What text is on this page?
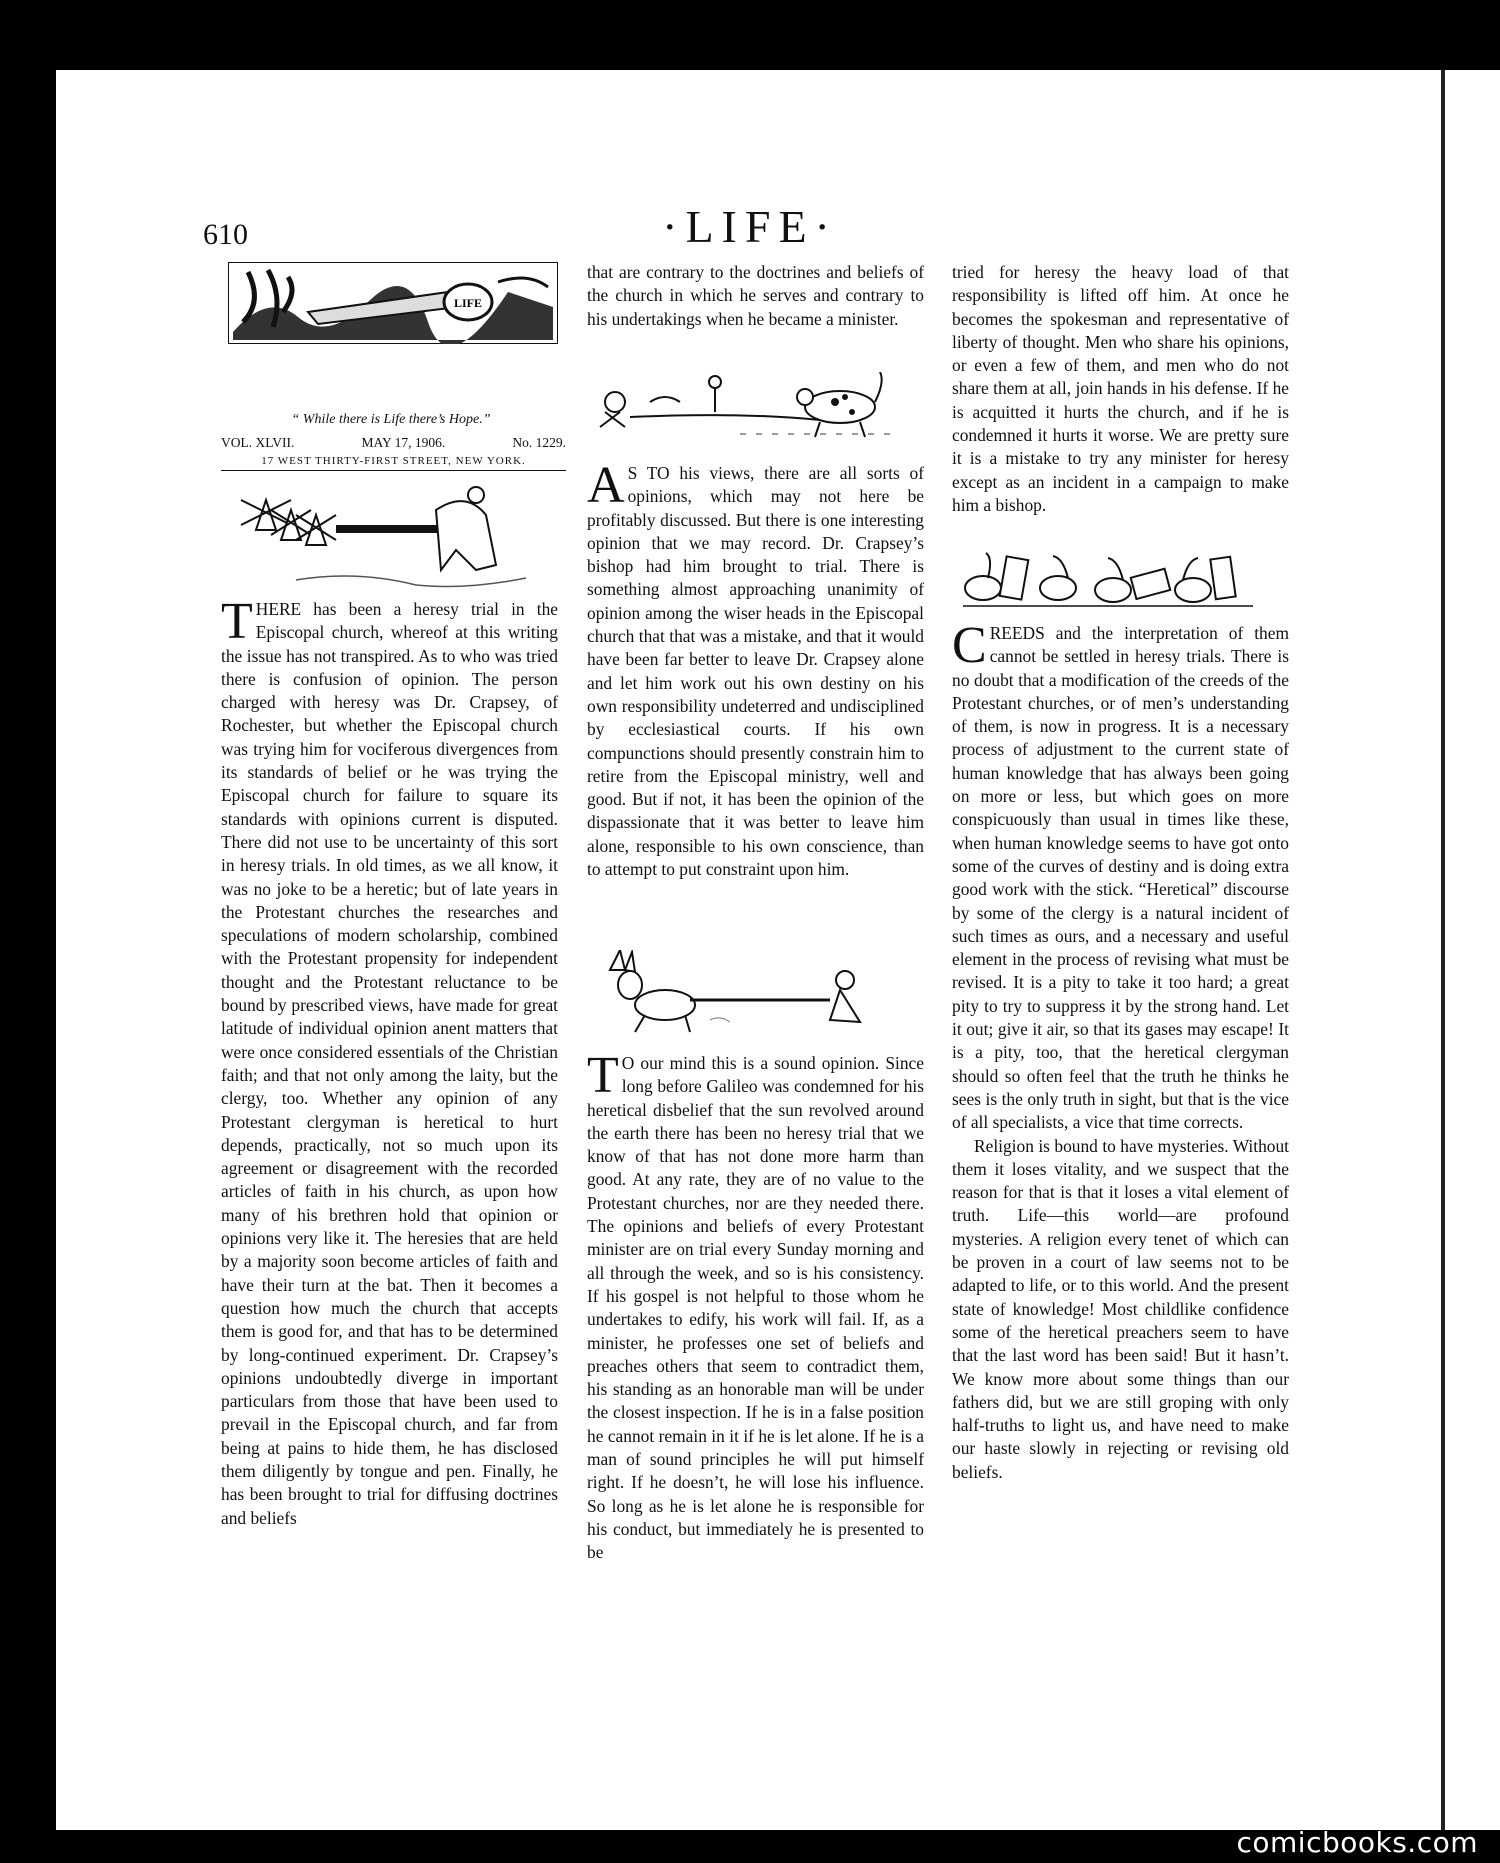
610	·LIFE·
LIFE
“ While there is Life there’s Hope.”
VOL. XLVII.	MAY 17, 1906.	No. 1229.
17 WEST THIRTY-FIRST STREET, NEW YORK.

THERE has been a heresy trial in the Episcopal church, whereof at this writing the issue has not transpired. As to who was tried there is confusion of opinion. The person charged with heresy was Dr. Crapsey, of Rochester, but whether the Episcopal church was trying him for vociferous divergences from its standards of belief or he was trying the Episcopal church for failure to square its standards with opinions current is disputed. There did not use to be uncertainty of this sort in heresy trials. In old times, as we all know, it was no joke to be a heretic; but of late years in the Protestant churches the researches and speculations of modern scholarship, combined with the Protestant propensity for independent thought and the Protestant reluctance to be bound by prescribed views, have made for great latitude of individual opinion anent matters that were once considered essentials of the Christian faith; and that not only among the laity, but the clergy, too. Whether any opinion of any Protestant clergyman is heretical to hurt depends, practically, not so much upon its agreement or disagreement with the recorded articles of faith in his church, as upon how many of his brethren hold that opinion or opinions very like it. The heresies that are held by a majority soon become articles of faith and have their turn at the bat. Then it becomes a question how much the church that accepts them is good for, and that has to be determined by long-continued experiment. Dr. Crapsey’s opinions undoubtedly diverge in important particulars from those that have been used to prevail in the Episcopal church, and far from being at pains to hide them, he has disclosed them diligently by tongue and pen. Finally, he has been brought to trial for diffusing doctrines and beliefs

that are contrary to the doctrines and beliefs of the church in which he serves and contrary to his undertakings when he became a minister.

A S TO his views, there are all sorts of opinions, which may not here be profitably discussed. But there is one interesting opinion that we may record. Dr. Crapsey’s bishop had him brought to trial. There is something almost approaching unanimity of opinion among the wiser heads in the Episcopal church that that was a mistake, and that it would have been far better to leave Dr. Crapsey alone and let him work out his own destiny on his own responsibility undeterred and undisciplined by ecclesiastical courts. If his own compunctions should presently constrain him to retire from the Episcopal ministry, well and good. But if not, it has been the opinion of the dispassionate that it was better to leave him alone, responsible to his own conscience, than to attempt to put constraint upon him.

T O our mind this is a sound opinion. Since long before Galileo was condemned for his heretical disbelief that the sun revolved around the earth there has been no heresy trial that we know of that has not done more harm than good. At any rate, they are of no value to the Protestant churches, nor are they needed there. The opinions and beliefs of every Protestant minister are on trial every Sunday morning and all through the week, and so is his consistency. If his gospel is not helpful to those whom he undertakes to edify, his work will fail. If, as a minister, he professes one set of beliefs and preaches others that seem to contradict them, his standing as an honorable man will be under the closest inspection. If he is in a false position he cannot remain in it if he is let alone. If he is a man of sound principles he will put himself right. If he doesn’t, he will lose his influence. So long as he is let alone he is responsible for his conduct, but immediately he is presented to be

tried for heresy the heavy load of that responsibility is lifted off him. At once he becomes the spokesman and representative of liberty of thought. Men who share his opinions, or even a few of them, and men who do not share them at all, join hands in his defense. If he is acquitted it hurts the church, and if he is condemned it hurts it worse. We are pretty sure it is a mistake to try any minister for heresy except as an incident in a campaign to make him a bishop.

CREEDS and the interpretation of them cannot be settled in heresy trials. There is no doubt that a modification of the creeds of the Protestant churches, or of men’s understanding of them, is now in progress. It is a necessary process of adjustment to the current state of human knowledge that has always been going on more or less, but which goes on more conspicuously than usual in times like these, when human knowledge seems to have got onto some of the curves of destiny and is doing extra good work with the stick. “Heretical” discourse by some of the clergy is a natural incident of such times as ours, and a necessary and useful element in the process of revising what must be revised. It is a pity to take it too hard; a great pity to try to suppress it by the strong hand. Let it out; give it air, so that its gases may escape! It is a pity, too, that the heretical clergyman should so often feel that the truth he thinks he sees is the only truth in sight, but that is the vice of all specialists, a vice that time corrects.

Religion is bound to have mysteries. Without them it loses vitality, and we suspect that the reason for that is that it loses a vital element of truth. Life—this world—are profound mysteries. A religion every tenet of which can be proven in a court of law seems not to be adapted to life, or to this world. And the present state of knowledge! Most childlike confidence some of the heretical preachers seem to have that the last word has been said! But it hasn’t. We know more about some things than our fathers did, but we are still groping with only half-truths to light us, and have need to make our haste slowly in rejecting or revising old beliefs.

comicbooks.com
